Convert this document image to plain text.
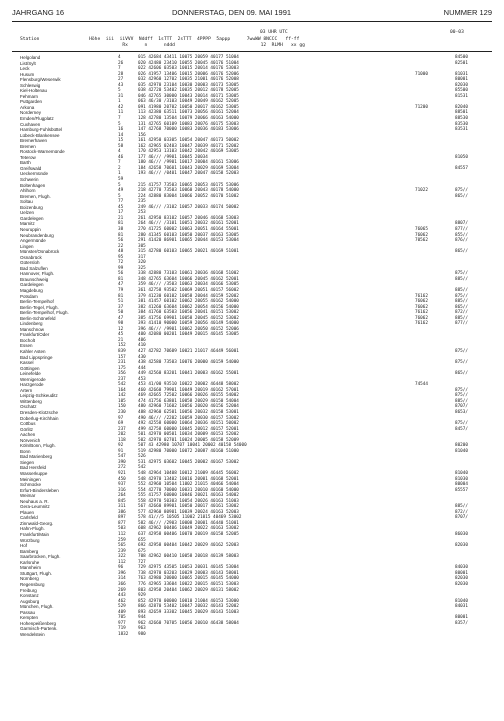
JAHRGANG 16	DONNERSTAG, DEN 09. MAI 1991	NUMMER 129
03 UHR UTC	00-03
Station                  Höhe  iii  iiVVV  Nddff  1sTTT  2sTTT  4PPPP  5appp      7wwWW 8NCCC   ff-ff
Rx      n      nddd                               12  RLMH   xx gg
Helgoland	4	015 42684 43411 10075 20059 40177 51004	84500
List/Sylt	26	020 42480 23410 10055 20045 40176 51004	82501
Leck	7	022 42606 03503 10015 20014 40176 53003
Husum	28	026 41957 13406 10015 20006 40176 52006	71000	81031
Flensburg/Weserwik	27	032 42960 12702 10035 21001 40176 52008	80001
Schleswig	43	035 42970 23104 10030 20003 40173 53005	82030
Kiel-Holtenau	5	038 42720 53402 10035 20012 40178 52005	85500
Fehmarn	31	046 42765 30000 10043 20014 40171 53005	81531
Puttgarden	1	063 46/30 /3103 10049 20049 40162 52005
Arkona	42	091 41980 20702 10050 20017 40162 53005	71200	82040
Norderney	11	113 42380 63511 10073 20056 40161 52004	88501
Emden/Flugplatz	7	128 42780 13504 10079 20066 40163 54000	88530
Cuxhaven	5	131 42765 60109 10083 20076 40175 53003	83530
Hamburg-Fuhlsbüttel	16	147 42768 70000 10083 20036 40183 53006	83531
Lübeck-Blankensee	14	156
Bremerhaven	15	161 42950 03305 10054 20047 40173 50002
Bremen	58	162 42965 02403 10047 20039 40171 52002
Rostock-Warnemünde	4	170 42953 13103 10042 20042 40169 53005
Teterow	46	177 46/// /9901 10045 20034	81050
Barth	7	180 46/// /9901 10017 20004 40161 53006
Greifswald	2	184 42658 70601 10043 20029 40169 53004	84557
Ueckermünde	1	193 46/// /0401 10047 20047 40158 52003
Schwerin	59
Boltenhagen	5	215 41757 73503 10065 20053 40175 53006
Ahlhorn	49	218 42770 73503 10060 20043 40178 54000	71022	875//
Bremen, Flugh.	5	224 42880 83004 10066 20052 40170 51002	865//
Soltau	77	235
Boizenburg	45	249 46/// /3102 10057 20033 40174 50002
Uelzen	17	253
Gardelegen	21	261 42950 83102 10057 20046 40168 53003
Marnitz	81	264 46/// /3101 10051 20032 40161 52001	8807/
Neuruppin	38	270 41725 60002 10063 20051 40164 55001	76065	877//
Neubrandenburg	81	280 41345 60103 10050 20037 40163 53005	76062	855//
Angermünde	56	291 41420 86901 10065 20044 40153 53004	70562	876//
Lingen	22	305
Münster/Osnabrück	48	315 42780 60103 10065 20021 40169 51001	865//
Osnabrück	95	317
Gütersloh	72	320
Bad Salzuflen	99	325
Hannover, Flugh.	56	338 42880 73103 10061 20036 40168 51002	875//
Braunschweig	81	348 42765 63604 10066 20045 40162 52001	885//
Gardelegen	47	359 46/// /3503 10063 20034 40166 53005
Magdeburg	79	361 42758 93502 10069 20051 40157 56002	885//
Potsdam	81	379 41230 60102 10058 20044 40159 52002	76162	875//
Berlin-Tempelhof	51	381 41457 60102 10062 20055 40162 54000	76062	885//
Berlin-Tegel, Flugh.	37	382 41260 63604 10062 20054 40156 54000	76062	865//
Berlin-Tempelhof, Flugh.	50	384 41760 63503 10056 20041 40151 53002	76162	872//
Berlin-Schönefeld	47	385 41756 69901 10058 20045 40152 53002	76062	885//
Lindenberg	98	393 41410 90000 10059 20056 40149 54000	76162	877//
Manschnow	12	396 46/// /9901 10062 20050 40152 52006
Frankfurt/Oder	45	400 42080 00201 10049 20015 40145 53005
Bocholt	21	406
Essen	152	410
Kahler Asten	839	427 42782 70609 10021 21017 46449 56001	875//
Bad Lippspringe	157	430
Kassel	231	438 42580 73503 10076 20000 40159 54000	875//
Göttingen	175	444
Leinefelde	356	449 42560 83201 10041 20003 40162 55001	865//
Wernigerode	237	453
Harzgerode	542	453 41/00 93510 10022 20002 46448 58002	74544
Artern	164	460 42660 79901 10049 20019 40162 57001	875//
Leipzig-Schkeuditz	142	469 42665 72502 10066 20026 40155 54002	875//
Wittenberg	105	474 41756 63801 10058 20029 40150 54004	885//
Oschatz	150	480 42960 71602 10056 20020 40156 52004	8707/
Dresden-Klotzsche	230	488 42960 62501 10056 20032 40158 53001	8653/
Doberlug-Kirchhain	97	490 46/// /2202 10059 20030 40157 53002
Cottbus	69	492 42558 60000 10064 20036 40151 50002	875//
Görlitz	237	499 42758 60000 10045 20012 40157 52001	8457/
Aachen	202	501 42970 00501 10034 20009 40153 52002
Nörvenich	118	502 42970 02701 10024 20005 40158 52009
Köln/Bonn, Flugh.	92	507 43 42980 10707 10041 20002 40158 54000	80200
Bonn	91	519 42980 70000 10072 20087 40160 51000	81040
Bad Marienberg	547	526
Siegen	390	531 42975 03602 10045 20002 40167 53002
Bad Hersfeld	272	542
Wasserkuppe	921	548 42964 10408 10012 21009 46445 56002	81040
Meiningen	450	548 42970 13402 10016 20001 40168 52001	81030
Schmücke	937	552 42960 10504 11002 21015 40466 54004	80004
Erfurt-Bindersleben	316	554 42770 70000 10031 20010 40160 54000	85557
Weimar	264	555 41757 60000 10046 20021 40163 54002
Neuhaus a. R.	845	558 42970 50303 10054 20026 40163 51003
Gera-Leumnitz	311	567 42660 89901 10050 20017 40161 53002	885//
Plauen	386	577 42960 80901 10039 20024 40163 52003	872//
Carlsfeld	897	578 41///5 10505 11002 21015 40469 53002	8707/
Zinnwald-Georg.	877	582 46/// /2903 10008 20001 46440 51001
Hahn-Flugh.	503	608 42962 00406 10049 20022 40163 53002
Frankfurt/Main	112	637 42958 00406 10070 20019 40158 52005	86030
Würzburg	259	655
Hof	565	692 42958 00404 10042 20029 40162 52003	82030
Bamberg	239	675
Saarbrücken, Flugh.	322	708 42962 00410 10058 20018 40139 58003
Karlsruhe	112	727
Mannheim	96	729 42975 43505 10053 20031 40145 53004	84030
Stuttgart, Flugh.	396	738 42970 03203 10029 20003 40143 58001	80001
Nürnberg	314	763 42980 20000 10065 20015 40145 54000	82030
Regensburg	366	776 42965 33604 10022 20015 40151 53003	82030
Freiburg	269	803 42958 20404 10062 20029 40131 58002
Konstanz	443	929
Augsburg	462	852 42970 00000 10010 21004 40153 53000	81040
München, Flugh.	529	866 42870 53402 10047 20032 40143 52002	84031
Passau	409	893 42659 33302 10045 20029 40143 51003
Kempten	705	944	80001
Hohenpeißenberg	977	962 42660 70705 10056 20010 46438 58004	8357/
Garmisch-Partenk.	719	963
Wendelstein	1832 980
